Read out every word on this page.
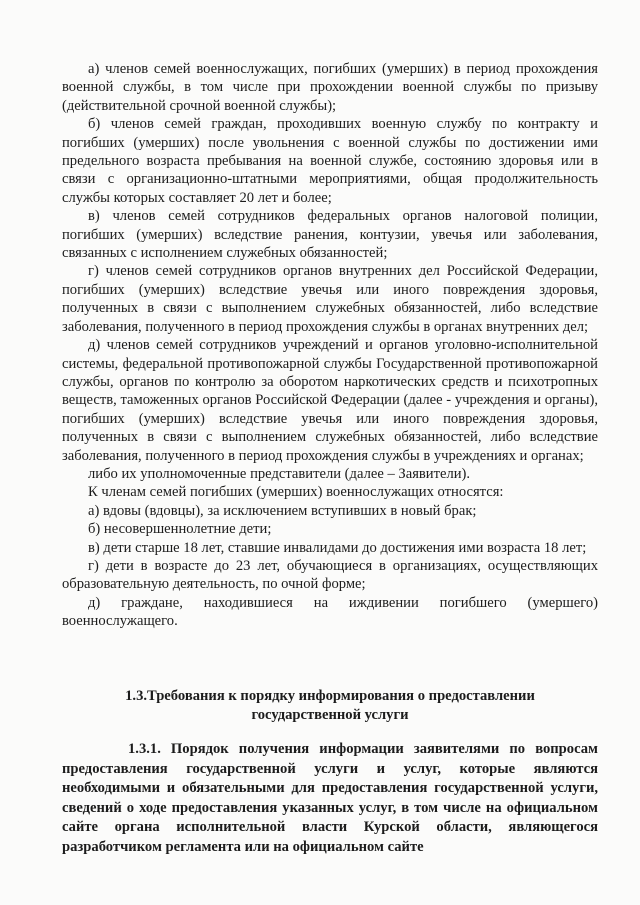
а) членов семей военнослужащих, погибших (умерших) в период прохождения военной службы, в том числе при прохождении военной службы по призыву (действительной срочной военной службы);

б) членов семей граждан, проходивших военную службу по контракту и погибших (умерших) после увольнения с военной службы по достижении ими предельного возраста пребывания на военной службе, состоянию здоровья или в связи с организационно-штатными мероприятиями, общая продолжительность службы которых составляет 20 лет и более;

в) членов семей сотрудников федеральных органов налоговой полиции, погибших (умерших) вследствие ранения, контузии, увечья или заболевания, связанных с исполнением служебных обязанностей;

г) членов семей сотрудников органов внутренних дел Российской Федерации, погибших (умерших) вследствие увечья или иного повреждения здоровья, полученных в связи с выполнением служебных обязанностей, либо вследствие заболевания, полученного в период прохождения службы в органах внутренних дел;

д) членов семей сотрудников учреждений и органов уголовно-исполнительной системы, федеральной противопожарной службы Государственной противопожарной службы, органов по контролю за оборотом наркотических средств и психотропных веществ, таможенных органов Российской Федерации (далее - учреждения и органы), погибших (умерших) вследствие увечья или иного повреждения здоровья, полученных в связи с выполнением служебных обязанностей, либо вследствие заболевания, полученного в период прохождения службы в учреждениях и органах;

либо их уполномоченные представители (далее – Заявители).

К членам семей погибших (умерших) военнослужащих относятся:

а) вдовы (вдовцы), за исключением вступивших в новый брак;

б) несовершеннолетние дети;

в) дети старше 18 лет, ставшие инвалидами до достижения ими возраста 18 лет;

г) дети в возрасте до 23 лет, обучающиеся в организациях, осуществляющих образовательную деятельность, по очной форме;

д) граждане, находившиеся на иждивении погибшего (умершего) военнослужащего.

1.3.Требования к порядку информирования о предоставлении
государственной услуги

1.3.1. Порядок получения информации заявителями по вопросам предоставления государственной услуги и услуг, которые являются необходимыми и обязательными для предоставления государственной услуги, сведений о ходе предоставления указанных услуг, в том числе на официальном сайте органа исполнительной власти Курской области, являющегося разработчиком регламента или на официальном сайте
